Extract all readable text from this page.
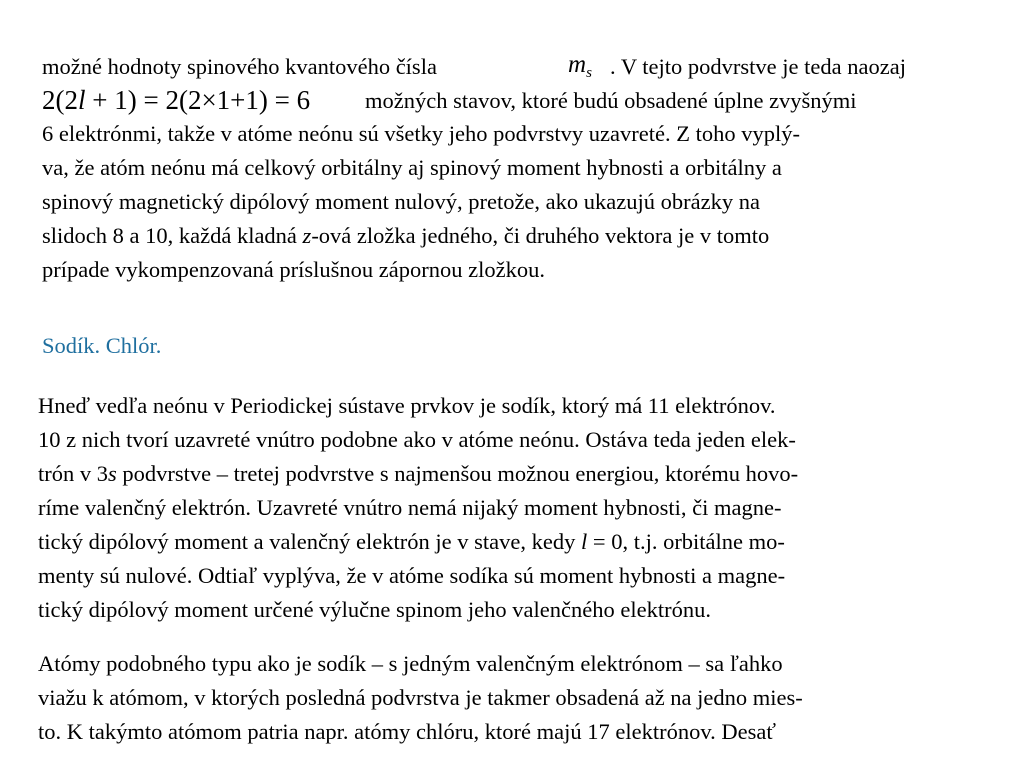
možné hodnoty spinového kvantového čísla	$m_s$ . V tejto podvrstve je teda naozaj
2(2l + 1) = 2(2×1+1) = 6 možných stavov, ktoré budú obsadené úplne zvyšnými
6 elektrónmi, takže v atóme neónu sú všetky jeho podvrstvy uzavreté. Z toho vyplý-
va, že atóm neónu má celkový orbitálny aj spinový moment hybnosti a orbitálny a
spinový magnetický dipólový moment nulový, pretože, ako ukazujú obrázky na
slidoch 8 a 10, každá kladná z-ová zložka jedného, či druhého vektora je v tomto
prípade vykompenzovaná príslušnou zápornou zložkou.
Sodík. Chlór.
Hneď vedľa neónu v Periodickej sústave prvkov je sodík, ktorý má 11 elektrónov.
10 z nich tvorí uzavreté vnútro podobne ako v atóme neónu. Ostáva teda jeden elek-
trón v 3s podvrstve – tretej podvrstve s najmenšou možnou energiou, ktorému hovo-
ríme valenčný elektrón. Uzavreté vnútro nemá nijaký moment hybnosti, či magne-
tický dipólový moment a valenčný elektrón je v stave, kedy l = 0, t.j. orbitálne mo-
menty sú nulové. Odtiaľ vyplýva, že v atóme sodíka sú moment hybnosti a magne-
tický dipólový moment určené výlučne spinom jeho valenčného elektrónu.
Atómy podobného typu ako je sodík – s jedným valenčným elektrónom – sa ľahko
viažu k atómom, v ktorých posledná podvrstva je takmer obsadená až na jedno mies-
to. K takýmto atómom patria napr. atómy chlóru, ktoré majú 17 elektrónov. Desať
